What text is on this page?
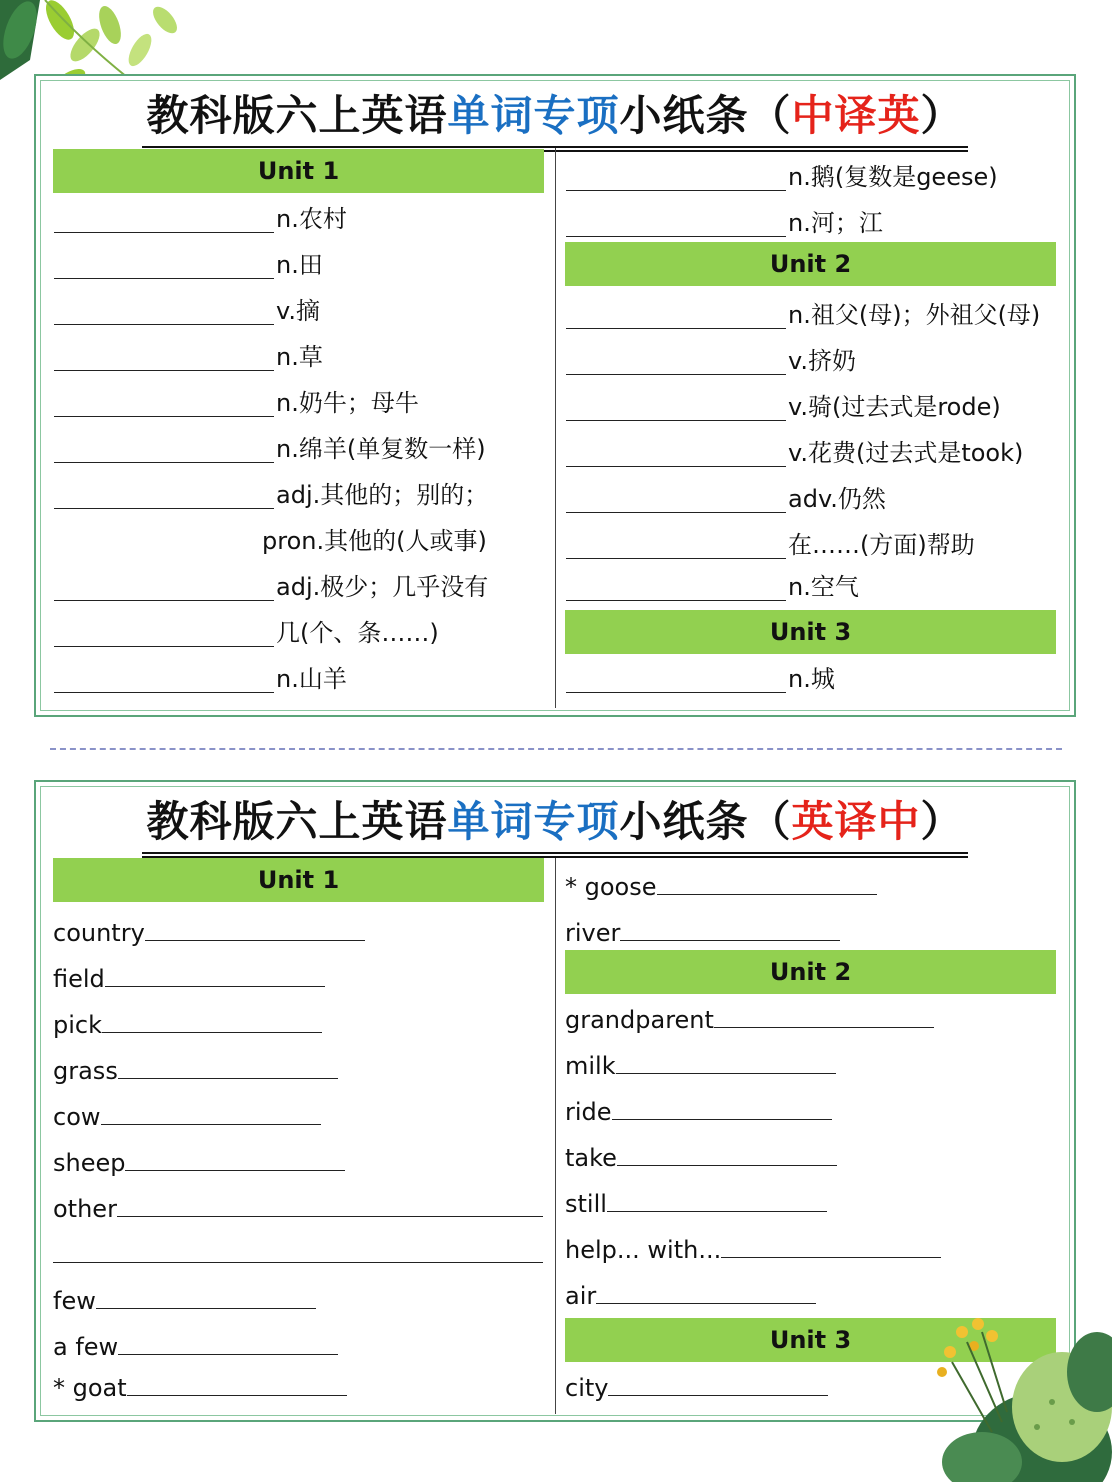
教科版六上英语单词专项小纸条（中译英）
Unit 1
n.农村
n.田
v.摘
n.草
n.奶牛；母牛
n.绵羊(单复数一样)
adj.其他的；别的；
pron.其他的(人或事)
adj.极少；几乎没有
几(个、条……)
n.山羊
n.鹅(复数是geese)
n.河；江
Unit 2
n.祖父(母)；外祖父(母)
v.挤奶
v.骑(过去式是rode)
v.花费(过去式是took)
adv.仍然
在……(方面)帮助
n.空气
Unit 3
n.城
教科版六上英语单词专项小纸条（英译中）
Unit 1
country
field
pick
grass
cow
sheep
other
few
a few
* goat
* goose
river
Unit 2
grandparent
milk
ride
take
still
help... with...
air
Unit 3
city
